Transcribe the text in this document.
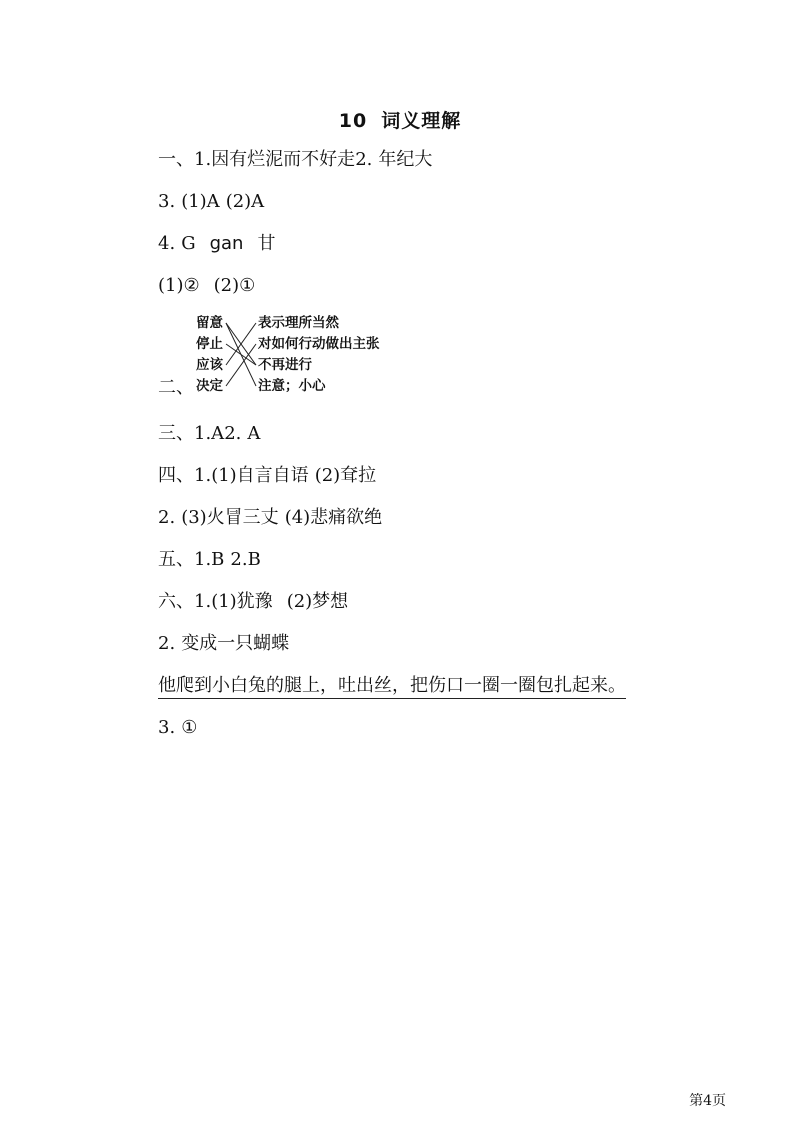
10 词义理解
一、1.因有烂泥而不好走2. 年纪大
3. (1)A (2)A
4. G gan 甘
(1)② (2)①
二、
留意
停止
应该
决定
表示理所当然
对如何行动做出主张
不再进行
注意；小心
三、1.A2. A
四、1.(1)自言自语 (2)耷拉
2. (3)火冒三丈 (4)悲痛欲绝
五、1.B 2.B
六、1.(1)犹豫 (2)梦想
2. 变成一只蝴蝶
他爬到小白兔的腿上，吐出丝，把伤口一圈一圈包扎起来。
3. ①
第4页
